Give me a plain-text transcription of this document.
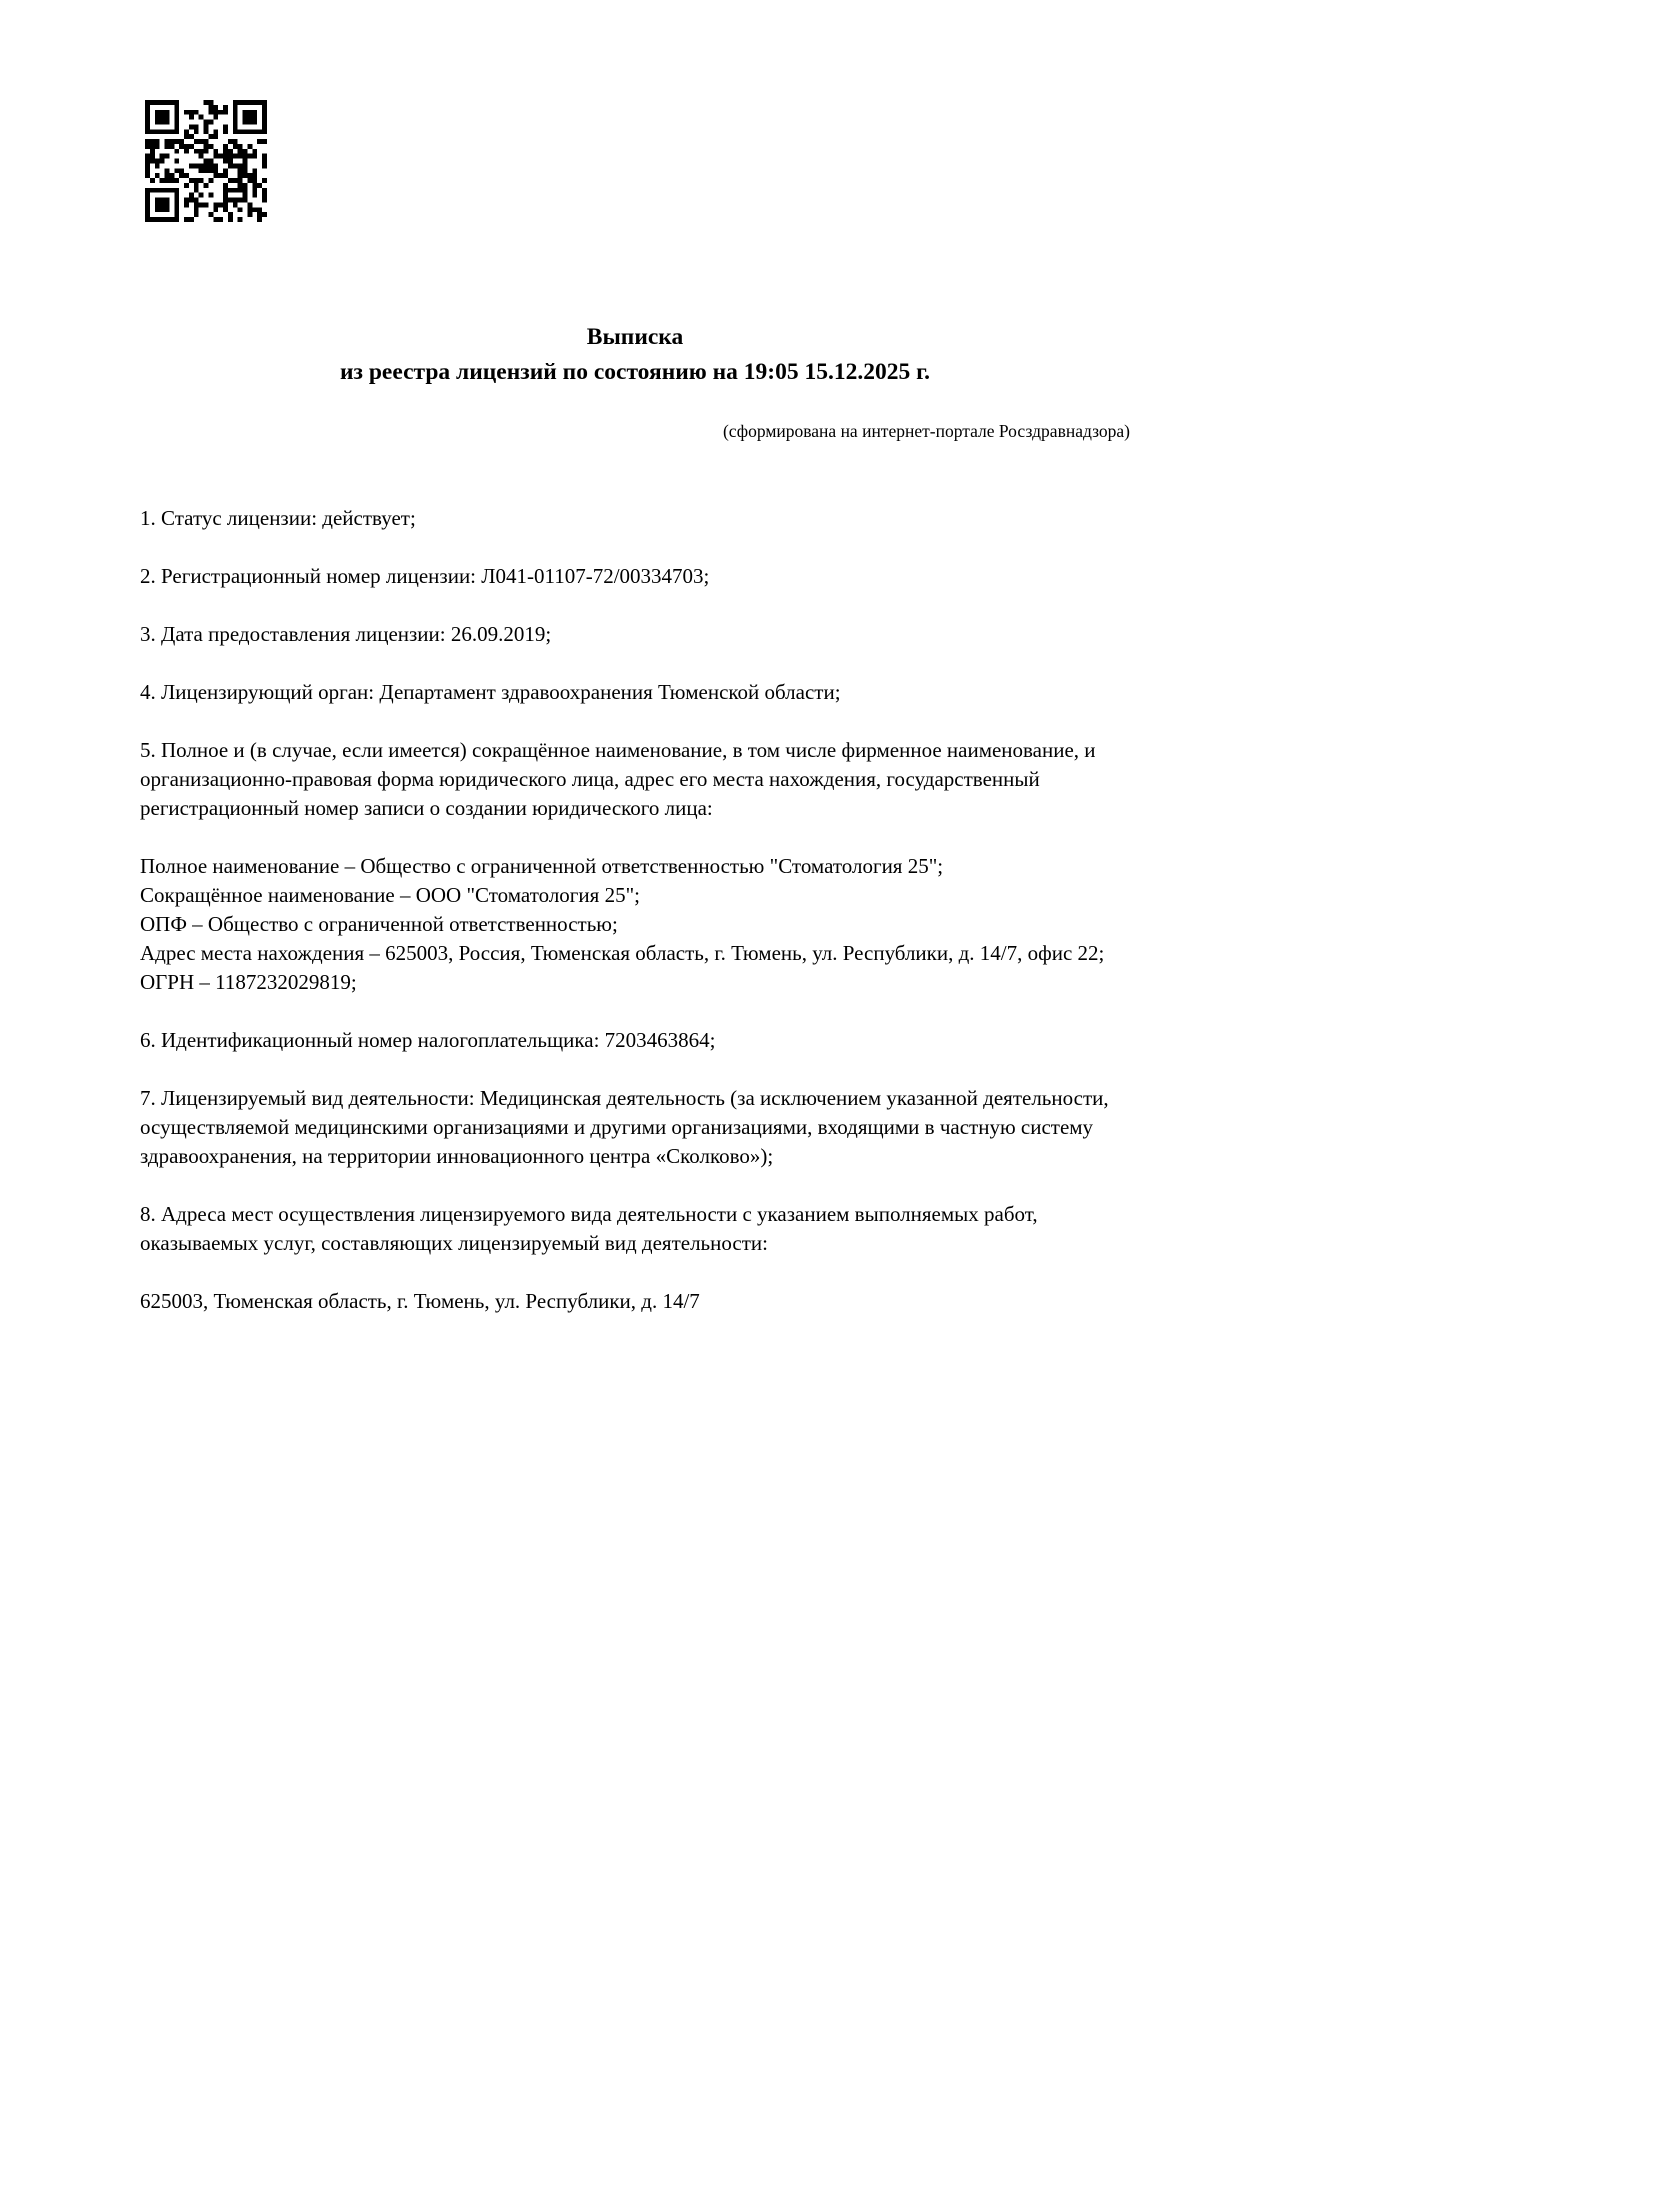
Выписка
из реестра лицензий по состоянию на 19:05 15.12.2025 г.
(сформирована на интернет-портале Росздравнадзора)

1. Статус лицензии: действует;

2. Регистрационный номер лицензии: Л041-01107-72/00334703;

3. Дата предоставления лицензии: 26.09.2019;

4. Лицензирующий орган: Департамент здравоохранения Тюменской области;

5. Полное и (в случае, если имеется) сокращённое наименование, в том числе фирменное наименование, и организационно-правовая форма юридического лица, адрес его места нахождения, государственный регистрационный номер записи о создании юридического лица:

Полное наименование – Общество с ограниченной ответственностью "Стоматология 25";
Сокращённое наименование – ООО "Стоматология 25";
ОПФ – Общество с ограниченной ответственностью;
Адрес места нахождения – 625003, Россия, Тюменская область, г. Тюмень, ул. Республики, д. 14/7, офис 22;
ОГРН – 1187232029819;

6. Идентификационный номер налогоплательщика: 7203463864;

7. Лицензируемый вид деятельности: Медицинская деятельность (за исключением указанной деятельности, осуществляемой медицинскими организациями и другими организациями, входящими в частную систему здравоохранения, на территории инновационного центра «Сколково»);

8. Адреса мест осуществления лицензируемого вида деятельности с указанием выполняемых работ, оказываемых услуг, составляющих лицензируемый вид деятельности:

625003, Тюменская область, г. Тюмень, ул. Республики, д. 14/7
